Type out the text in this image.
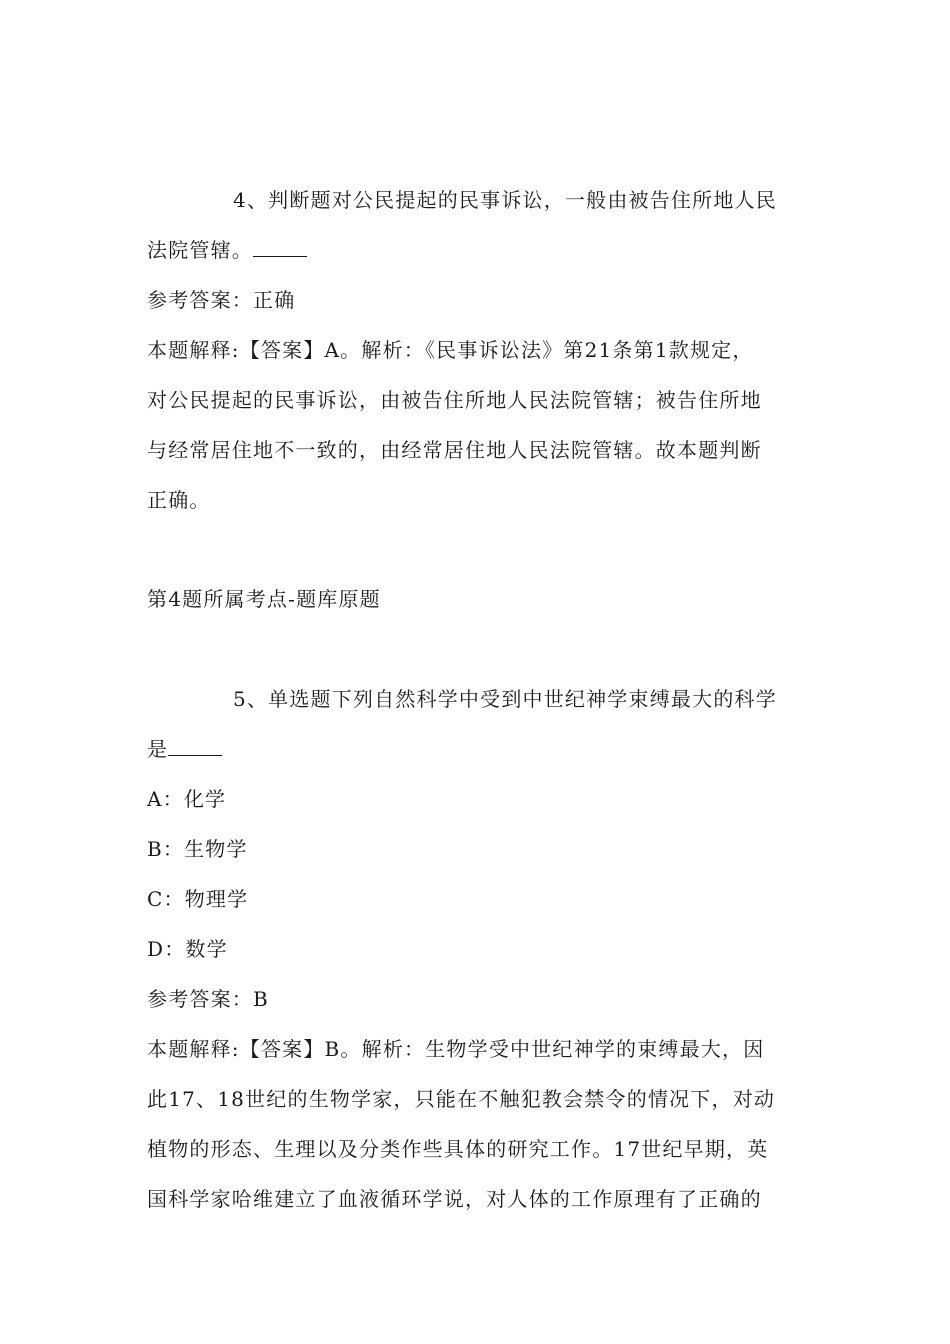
4、判断题对公民提起的民事诉讼，一般由被告住所地人民
法院管辖。
参考答案：正确
本题解释:【答案】A。解析：《民事诉讼法》第21条第1款规定，
对公民提起的民事诉讼，由被告住所地人民法院管辖；被告住所地
与经常居住地不一致的，由经常居住地人民法院管辖。故本题判断
正确。
第4题所属考点-题库原题
5、单选题下列自然科学中受到中世纪神学束缚最大的科学
是
A：化学
B：生物学
C：物理学
D：数学
参考答案：B
本题解释:【答案】B。解析：生物学受中世纪神学的束缚最大，因
此17、18世纪的生物学家，只能在不触犯教会禁令的情况下，对动
植物的形态、生理以及分类作些具体的研究工作。17世纪早期，英
国科学家哈维建立了血液循环学说，对人体的工作原理有了正确的
